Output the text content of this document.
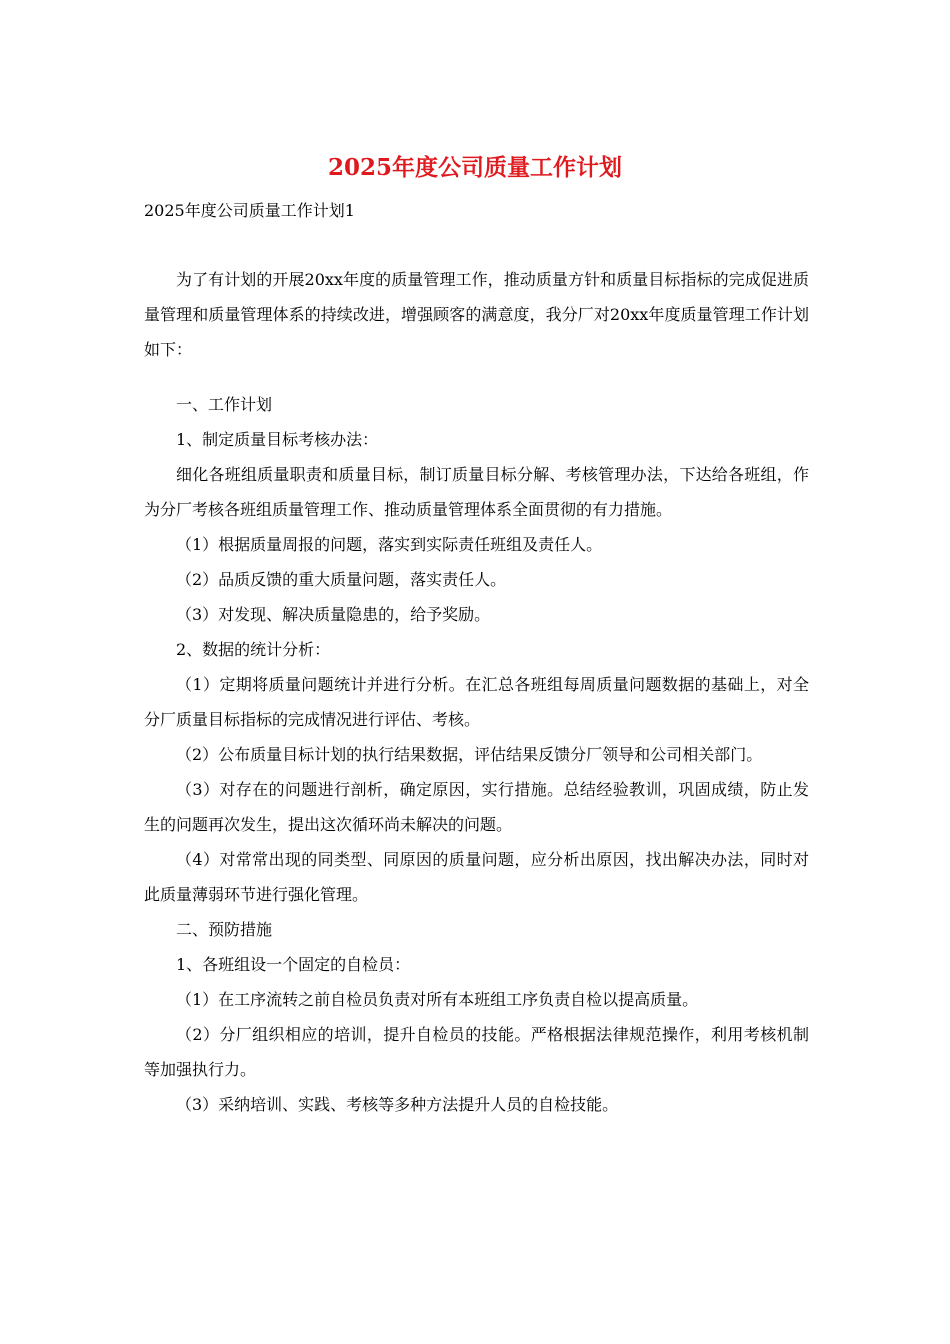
2025年度公司质量工作计划
2025年度公司质量工作计划1

为了有计划的开展20xx年度的质量管理工作，推动质量方针和质量目标指标的完成促进质量管理和质量管理体系的持续改进，增强顾客的满意度，我分厂对20xx年度质量管理工作计划如下：

一、工作计划

1、制定质量目标考核办法：

细化各班组质量职责和质量目标，制订质量目标分解、考核管理办法，下达给各班组，作为分厂考核各班组质量管理工作、推动质量管理体系全面贯彻的有力措施。

（1）根据质量周报的问题，落实到实际责任班组及责任人。

（2）品质反馈的重大质量问题，落实责任人。

（3）对发现、解决质量隐患的，给予奖励。

2、数据的统计分析：

（1）定期将质量问题统计并进行分析。在汇总各班组每周质量问题数据的基础上，对全分厂质量目标指标的完成情况进行评估、考核。

（2）公布质量目标计划的执行结果数据，评估结果反馈分厂领导和公司相关部门。

（3）对存在的问题进行剖析，确定原因，实行措施。总结经验教训，巩固成绩，防止发生的问题再次发生，提出这次循环尚未解决的问题。

（4）对常常出现的同类型、同原因的质量问题，应分析出原因，找出解决办法，同时对此质量薄弱环节进行强化管理。

二、预防措施

1、各班组设一个固定的自检员：

（1）在工序流转之前自检员负责对所有本班组工序负责自检以提高质量。

（2）分厂组织相应的培训，提升自检员的技能。严格根据法律规范操作，利用考核机制等加强执行力。

（3）采纳培训、实践、考核等多种方法提升人员的自检技能。
